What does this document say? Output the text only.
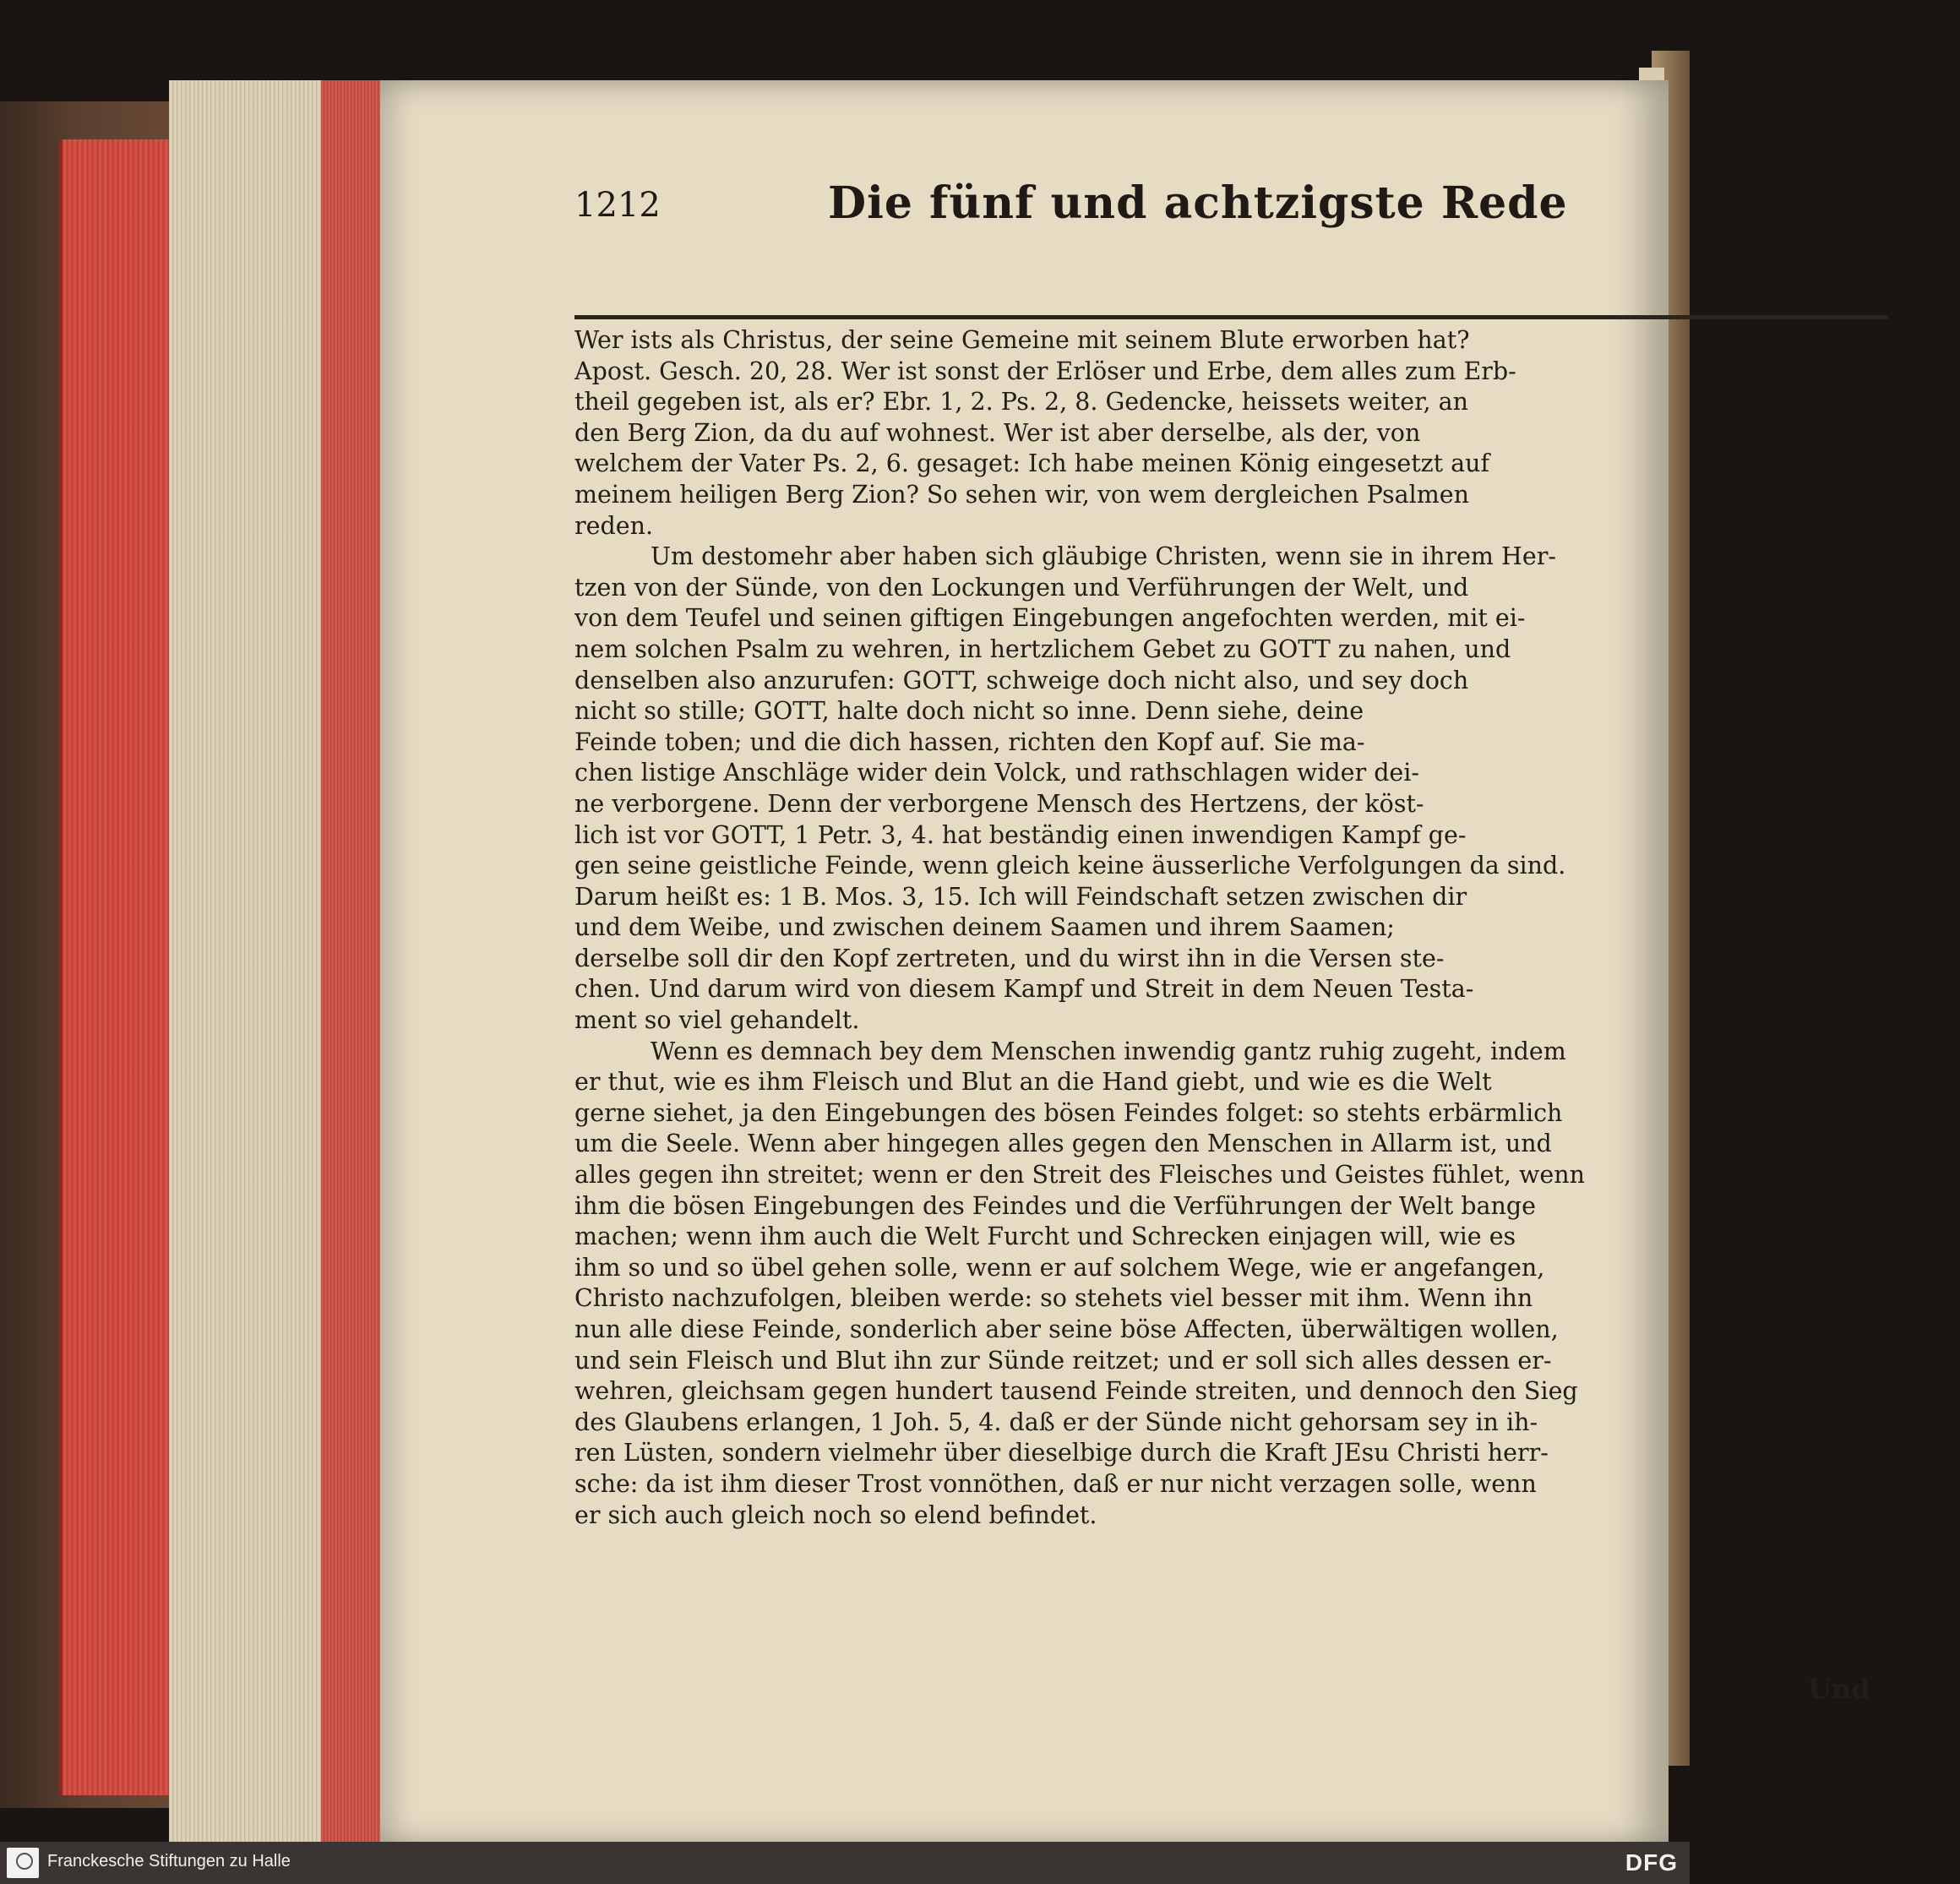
1212	Die fünf und achtzigste Rede
Wer ists als Christus, der seine Gemeine mit seinem Blute erworben hat?
Apost. Gesch. 20, 28. Wer ist sonst der Erlöser und Erbe, dem alles zum Erb-
theil gegeben ist, als er? Ebr. 1, 2. Ps. 2, 8. Gedencke, heissets weiter, an
den Berg Zion, da du auf wohnest. Wer ist aber derselbe, als der, von
welchem der Vater Ps. 2, 6. gesaget: Ich habe meinen König eingesetzt auf
meinem heiligen Berg Zion? So sehen wir, von wem dergleichen Psalmen
reden.
Um destomehr aber haben sich gläubige Christen, wenn sie in ihrem Her-
tzen von der Sünde, von den Lockungen und Verführungen der Welt, und
von dem Teufel und seinen giftigen Eingebungen angefochten werden, mit ei-
nem solchen Psalm zu wehren, in hertzlichem Gebet zu GOTT zu nahen, und
denselben also anzurufen: GOTT, schweige doch nicht also, und sey doch
nicht so stille; GOTT, halte doch nicht so inne. Denn siehe, deine
Feinde toben; und die dich hassen, richten den Kopf auf. Sie ma-
chen listige Anschläge wider dein Volck, und rathschlagen wider dei-
ne verborgene. Denn der verborgene Mensch des Hertzens, der köst-
lich ist vor GOTT, 1 Petr. 3, 4. hat beständig einen inwendigen Kampf ge-
gen seine geistliche Feinde, wenn gleich keine äusserliche Verfolgungen da sind.
Darum heißt es: 1 B. Mos. 3, 15. Ich will Feindschaft setzen zwischen dir
und dem Weibe, und zwischen deinem Saamen und ihrem Saamen;
derselbe soll dir den Kopf zertreten, und du wirst ihn in die Versen ste-
chen. Und darum wird von diesem Kampf und Streit in dem Neuen Testa-
ment so viel gehandelt.
Wenn es demnach bey dem Menschen inwendig gantz ruhig zugeht, indem
er thut, wie es ihm Fleisch und Blut an die Hand giebt, und wie es die Welt
gerne siehet, ja den Eingebungen des bösen Feindes folget: so stehts erbärmlich
um die Seele. Wenn aber hingegen alles gegen den Menschen in Allarm ist, und
alles gegen ihn streitet; wenn er den Streit des Fleisches und Geistes fühlet, wenn
ihm die bösen Eingebungen des Feindes und die Verführungen der Welt bange
machen; wenn ihm auch die Welt Furcht und Schrecken einjagen will, wie es
ihm so und so übel gehen solle, wenn er auf solchem Wege, wie er angefangen,
Christo nachzufolgen, bleiben werde: so stehets viel besser mit ihm. Wenn ihn
nun alle diese Feinde, sonderlich aber seine böse Affecten, überwältigen wollen,
und sein Fleisch und Blut ihn zur Sünde reitzet; und er soll sich alles dessen er-
wehren, gleichsam gegen hundert tausend Feinde streiten, und dennoch den Sieg
des Glaubens erlangen, 1 Joh. 5, 4. daß er der Sünde nicht gehorsam sey in ih-
ren Lüsten, sondern vielmehr über dieselbige durch die Kraft JEsu Christi herr-
sche: da ist ihm dieser Trost vonnöthen, daß er nur nicht verzagen solle, wenn
er sich auch gleich noch so elend befindet.
Und
Franckesche Stiftungen zu Halle	DFG
